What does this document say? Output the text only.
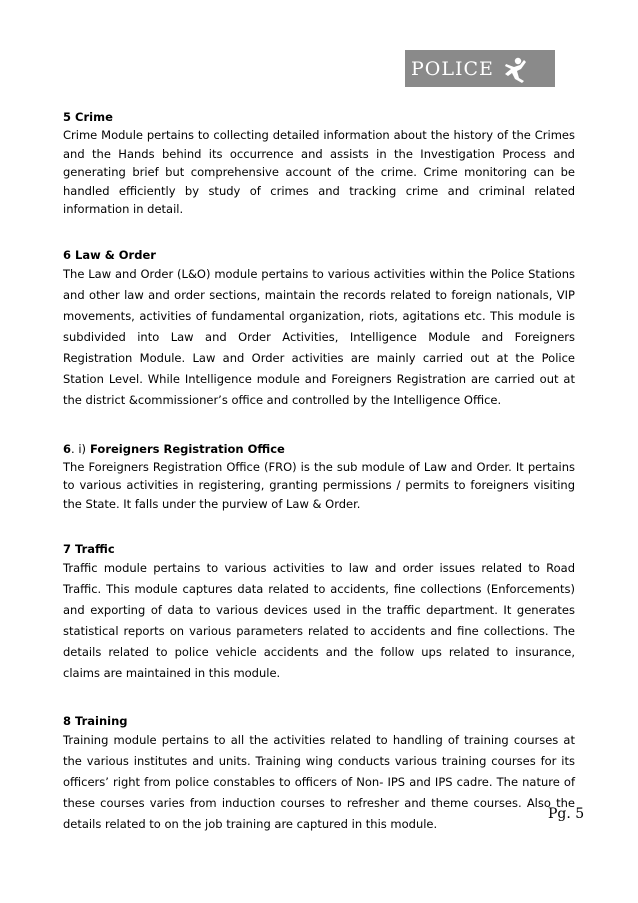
POLICE

5 Crime

Crime Module pertains to collecting detailed information about the history of the Crimes and the Hands behind its occurrence and assists in the Investigation Process and generating brief but comprehensive account of the crime. Crime monitoring can be handled efficiently by study of crimes and tracking crime and criminal related information in detail.

6 Law & Order

The Law and Order (L&O) module pertains to various activities within the Police Stations and other law and order sections, maintain the records related to foreign nationals, VIP movements, activities of fundamental organization, riots, agitations etc. This module is subdivided into Law and Order Activities, Intelligence Module and Foreigners Registration Module. Law and Order activities are mainly carried out at the Police Station Level. While Intelligence module and Foreigners Registration are carried out at the district &commissioner’s office and controlled by the Intelligence Office.

6. i) Foreigners Registration Office

The Foreigners Registration Office (FRO) is the sub module of Law and Order. It pertains to various activities in registering, granting permissions / permits to foreigners visiting the State. It falls under the purview of Law & Order.

7 Traffic

Traffic module pertains to various activities to law and order issues related to Road Traffic. This module captures data related to accidents, fine collections (Enforcements) and exporting of data to various devices used in the traffic department. It generates statistical reports on various parameters related to accidents and fine collections. The details related to police vehicle accidents and the follow ups related to insurance, claims are maintained in this module.

8 Training

Training module pertains to all the activities related to handling of training courses at the various institutes and units. Training wing conducts various training courses for its officers’ right from police constables to officers of Non- IPS and IPS cadre. The nature of these courses varies from induction courses to refresher and theme courses. Also the details related to on the job training are captured in this module.

Pg. 5
